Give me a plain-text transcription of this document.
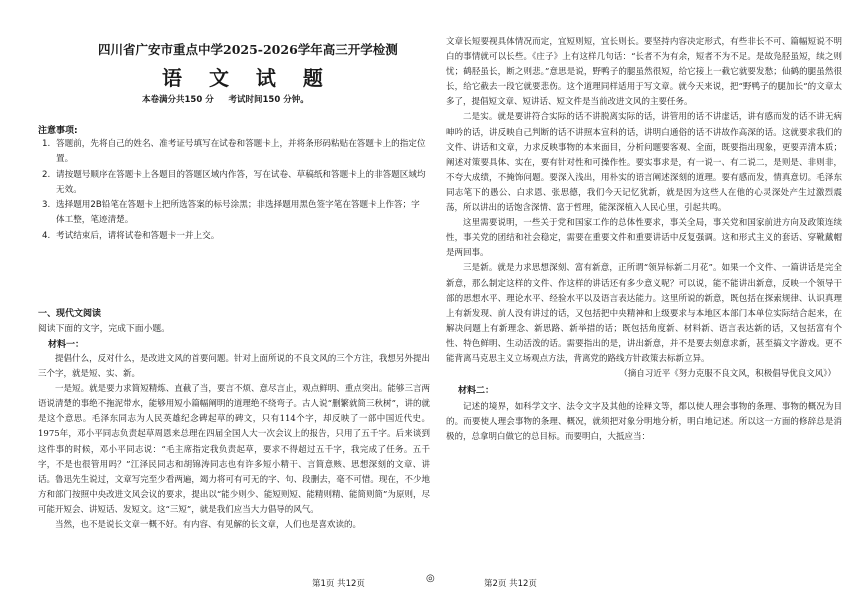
四川省广安市重点中学2025-2026学年高三开学检测
语 文 试 题
本卷满分共150 分     考试时间150 分钟。
注意事项:
1. 答题前，先将自己的姓名、准考证号填写在试卷和答题卡上，并将条形码粘贴在答题卡上的指定位置。
2. 请按题号顺序在答题卡上各题目的答题区域内作答，写在试卷、草稿纸和答题卡上的非答题区域均无效。
3. 选择题用2B铅笔在答题卡上把所选答案的标号涂黑；非选择题用黑色签字笔在答题卡上作答；字体工整，笔迹清楚。
4. 考试结束后，请将试卷和答题卡一并上交。
一、现代文阅读
阅读下面的文字，完成下面小题。
材料一：

提倡什么，反对什么，是改进文风的首要问题。针对上面所说的不良文风的三个方注，我想另外提出三个字，就是短、实、新。

一是短。就是要力求简短精炼、直截了当，要言不烦、意尽言止，观点鲜明、重点突出。能够三言两语说清楚的事绝不拖泥带水，能够用短小篇幅阐明的道理绝不绕弯子。古人说“删繁就简三秋树”，讲的就是这个意思。毛泽东同志为人民英雄纪念碑起草的碑文，只有114个字，却反映了一部中国近代史。1975年，邓小平同志负责起草周恩来总理在四届全国人大一次会议上的报告，只用了五千字。后来谈到这件事的时候，邓小平同志说：“毛主席指定我负责起草，要求不得超过五千字，我完成了任务。五千字，不是也很管用吗？”江泽民同志和胡锦涛同志也有许多短小精干、言简意赅、思想深刻的文章、讲话。鲁迅先生说过，文章写完至少看两遍，竭力将可有可无的字、句、段删去，毫不可惜。现在，不少地方和部门按照中央改进文风会议的要求，提出以“能少则少、能短则短、能精则精、能简则简”为原则，尽可能开短会、讲短话、发短文。这“三短”，就是我们应当大力倡导的风气。

当然，也不是说长文章一概不好。有内容、有见解的长文章，人们也是喜欢读的。

文章长短要视具体情况而定，宜短则短，宜长则长。要坚持内容决定形式，有些非长不可、篇幅短说不明白的事情就可以长些。《庄子》上有这样几句话：“长者不为有余，短者不为不足。是故凫胫虽短，续之则忧；鹤胫虽长，断之则悲。”意思是说，野鸭子的腿虽然很短，给它接上一截它就要发愁；仙鹤的腿虽然很长，给它截去一段它就要悲伤。这个道理同样适用于写文章。就今天来说，把“野鸭子的腿加长”的文章太多了，提倡短文章、短讲话、短文件是当前改进文风的主要任务。

二是实。就是要讲符合实际的话不讲脱离实际的话，讲管用的话不讲虚话，讲有感而发的话不讲无病呻吟的话，讲反映自己判断的话不讲照本宣科的话，讲明白通俗的话不讲故作高深的话。这就要求我们的文件、讲话和文章，力求反映事物的本来面目，分析问题要客观、全面，既要指出现象，更要弄清本质；阐述对策要具体、实在，要有针对性和可操作性。要实事求是，有一说一、有二说二，是则是、非则非，不夸大成绩，不掩饰问题。要深入浅出，用朴实的语言阐述深刻的道理。要有感而发，情真意切。毛泽东同志笔下的愚公、白求恩、张思德，我们今天记忆犹新，就是因为这些人在他的心灵深处产生过激烈震荡，所以讲出的话饱含深情、富于哲理，能深深植入人民心里，引起共鸣。

这里需要说明，一些关于党和国家工作的总体性要求，事关全局，事关党和国家前进方向及政策连续性，事关党的团结和社会稳定，需要在重要文件和重要讲话中反复强调。这和形式主义的套话、穿靴戴帽是两回事。

三是新。就是力求思想深刻、富有新意，正所谓“领异标新二月花”。如果一个文件、一篇讲话是完全新意，那么制定这样的文件、作这样的讲话还有多少意义呢？可以说，能不能讲出新意，反映一个领导干部的思想水平、理论水平、经验水平以及语言表达能力。这里所说的新意，既包括在探索规律、认识真理上有新发现、前人没有讲过的话，又包括把中央精神和上级要求与本地区本部门本单位实际结合起来，在解决问题上有新理念、新思路、新举措的话；既包括角度新、材料新、语言表达新的话，又包括富有个性、特色鲜明、生动活泼的话。需要指出的是，讲出新意，并不是要去刻意求新，甚至搞文字游戏。更不能背离马克思主义立场观点方法，背离党的路线方针政策去标新立异。

（摘自习近平《努力克服不良文风，积极倡导优良文风》）
材料二：

记述的境界，如科学文字、法令文字及其他的诠释文等，都以使人理会事物的条理、事物的概况为目的。而要使人理会事物的条理、概况，就须把对象分明地分析，明白地记述。所以这一方面的修辞总是消极的，总拿明白做它的总目标。而要明白，大抵应当：

第1页 共12页	◎	第2页 共12页
